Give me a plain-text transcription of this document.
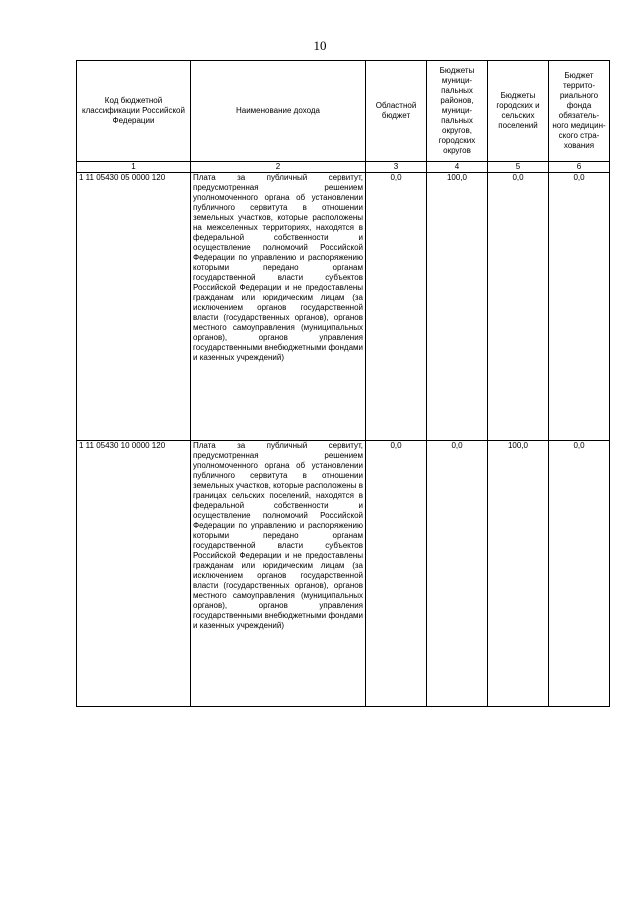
10
Код бюджетной классификации Российской Федерации	Наименование дохода	Областной бюджет	Бюджеты муници-пальных районов, муници-пальных округов, городских округов	Бюджеты городских и сельских поселений	Бюджет террито-риального фонда обязатель-ного медицин-ского стра-хования
1	2	3	4	5	6
1 11 05430 05 0000 120	Плата за публичный сервитут, предусмотренная решением уполномоченного органа об установлении публичного сервитута в отношении земельных участков, которые расположены на межселенных территориях, находятся в федеральной собственности и осуществление полномочий Российской Федерации по управлению и распоряжению которыми передано органам государственной власти субъектов Российской Федерации и не предоставлены гражданам или юридическим лицам (за исключением органов государственной власти (государственных органов), органов местного самоуправления (муниципальных органов), органов управления государственными внебюджетными фондами и казенных учреждений)	0,0	100,0	0,0	0,0
1 11 05430 10 0000 120	Плата за публичный сервитут, предусмотренная решением уполномоченного органа об установлении публичного сервитута в отношении земельных участков, которые расположены в границах сельских поселений, находятся в федеральной собственности и осуществление полномочий Российской Федерации по управлению и распоряжению которыми передано органам государственной власти субъектов Российской Федерации и не предоставлены гражданам или юридическим лицам (за исключением органов государственной власти (государственных органов), органов местного самоуправления (муниципальных органов), органов управления государственными внебюджетными фондами и казенных учреждений)	0,0	0,0	100,0	0,0
